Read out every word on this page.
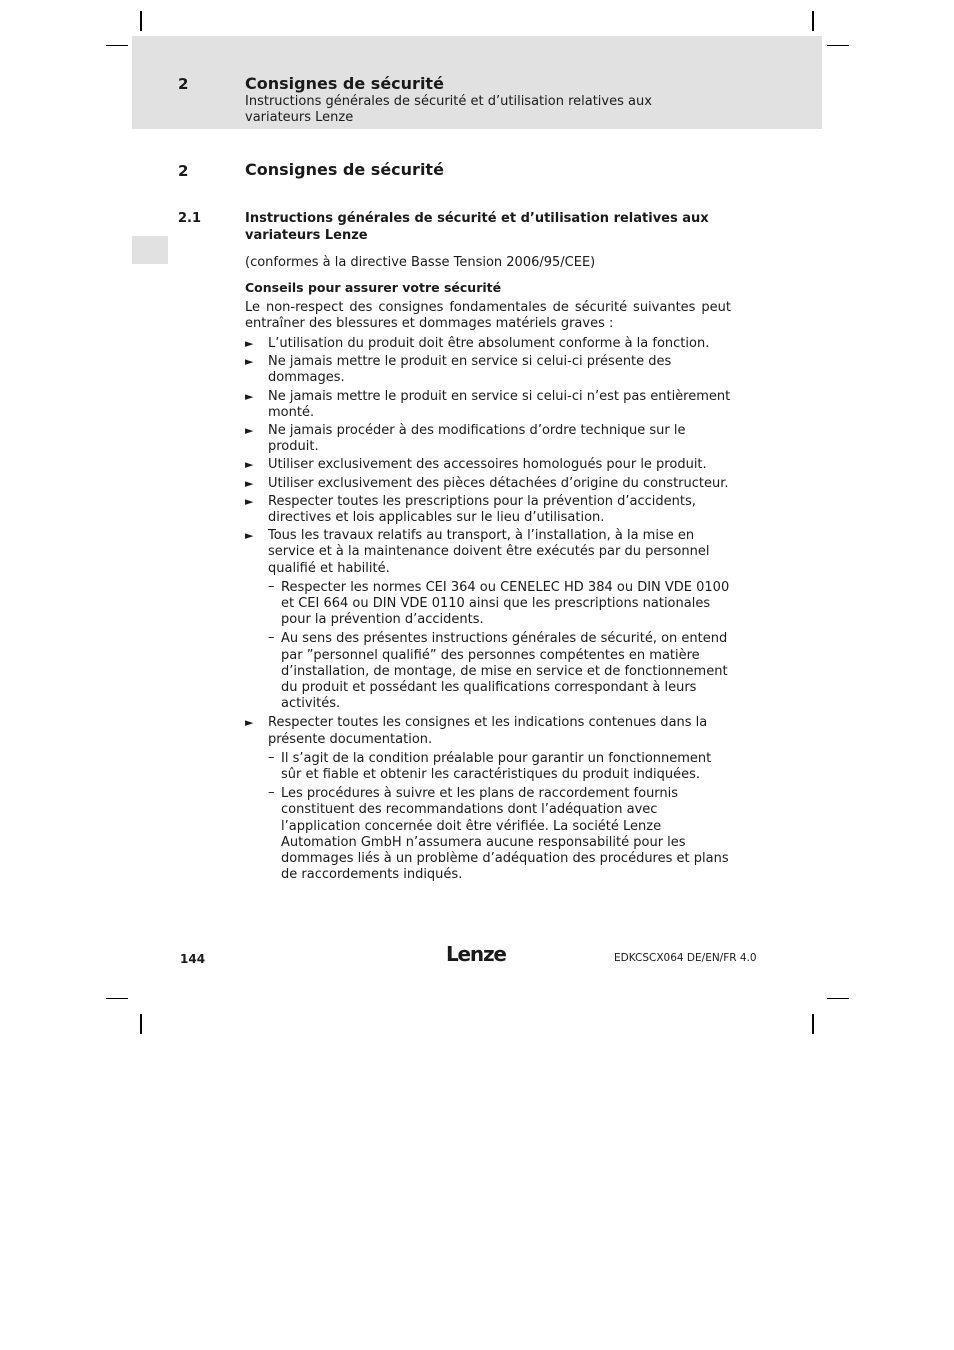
2	Consignes de sécurité
Instructions générales de sécurité et d’utilisation relatives aux variateurs Lenze
2	Consignes de sécurité
2.1	Instructions générales de sécurité et d’utilisation relatives aux variateurs Lenze
(conformes à la directive Basse Tension 2006/95/CEE)
Conseils pour assurer votre sécurité
Le non-respect des consignes fondamentales de sécurité suivantes peut entraîner des blessures et dommages matériels graves :
► L’utilisation du produit doit être absolument conforme à la fonction.
► Ne jamais mettre le produit en service si celui-ci présente des dommages.
► Ne jamais mettre le produit en service si celui-ci n’est pas entièrement monté.
► Ne jamais procéder à des modifications d’ordre technique sur le produit.
► Utiliser exclusivement des accessoires homologués pour le produit.
► Utiliser exclusivement des pièces détachées d’origine du constructeur.
► Respecter toutes les prescriptions pour la prévention d’accidents, directives et lois applicables sur le lieu d’utilisation.
► Tous les travaux relatifs au transport, à l’installation, à la mise en service et à la maintenance doivent être exécutés par du personnel qualifié et habilité.
– Respecter les normes CEI 364 ou CENELEC HD 384 ou DIN VDE 0100 et CEI 664 ou DIN VDE 0110 ainsi que les prescriptions nationales pour la prévention d’accidents.
– Au sens des présentes instructions générales de sécurité, on entend par ”personnel qualifié” des personnes compétentes en matière d’installation, de montage, de mise en service et de fonctionnement du produit et possédant les qualifications correspondant à leurs activités.
► Respecter toutes les consignes et les indications contenues dans la présente documentation.
– Il s’agit de la condition préalable pour garantir un fonctionnement sûr et fiable et obtenir les caractéristiques du produit indiquées.
– Les procédures à suivre et les plans de raccordement fournis constituent des recommandations dont l’adéquation avec l’application concernée doit être vérifiée. La société Lenze Automation GmbH n’assumera aucune responsabilité pour les dommages liés à un problème d’adéquation des procédures et plans de raccordements indiqués.
144	Lenze	EDKCSCX064 DE/EN/FR 4.0
